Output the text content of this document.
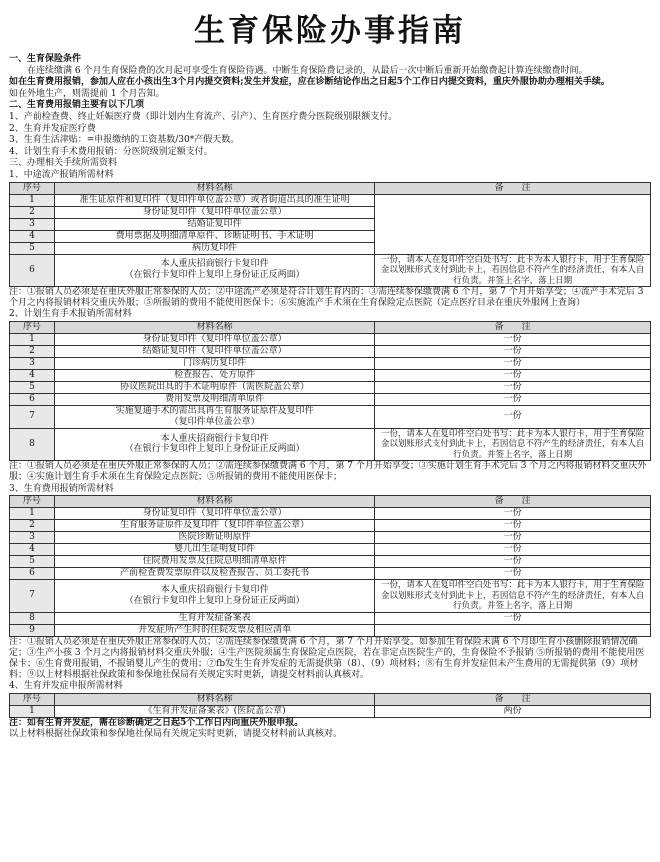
生育保险办事指南

一、生育保险条件

在连续缴满 6 个月生育保险费的次月起可享受生育保险待遇。中断生育保险费记录的，从最后一次中断后重新开始缴费起计算连续缴费时间。

如在生育费用报销，参加人应在小孩出生3个月内提交资料;发生并发症，应在诊断结论作出之日起5个工作日内提交资料，重庆外服协助办理相关手续。

如在外地生产，则需提前 1 个月告知。

二、生育费用报销主要有以下几项

1、产前检查费、终止妊娠医疗费（即计划内生育流产、引产）、生育医疗费分医院级别限额支付。

2、生育并发症医疗费

3、生育生活津贴：=申报缴纳的工资基数/30*产假天数。

4、计划生育手术费用报销：分医院级别定额支付。

三、办理相关手续所需资料

1、中途流产报销所需材料

序号	材料名称	备　　注
1	准生证原件和复印件（复印件单位盖公章）或者街道出具的准生证明	
2	身份证复印件（复印件单位盖公章）	
3	结婚证复印件	
4	费用票据及明细清单原件、诊断证明书、手术证明	
5	病历复印件	
6	本人重庆招商银行卡复印件
（在银行卡复印件上复印上身份证正反两面）	一份，请本人在复印件空白处书写：此卡为本人银行卡，用于生育保险金以划账形式支付到此卡上，若因信息不符产生的经济责任，有本人自行负责。并签上名字，落上日期

注：①报销人员必须是在重庆外服正常参保的人员；②中途流产必须是符合计划生育内的；③需连续参保缴费满 6 个月，第 7 个月开始享受；④流产手术完后 3 个月之内将报销材料交重庆外服；⑤所报销的费用不能使用医保卡；⑥实施流产手术须在生育保险定点医院（定点医疗目录在重庆外服网上查询）

2、计划生育手术报销所需材料

序号	材料名称	备　　注
1	身份证复印件（复印件单位盖公章）	一份
2	结婚证复印件（复印件单位盖公章）	一份
3	门诊病历复印件	一份
4	检查报告、处方原件	一份
5	协议医院出具的手术证明原件（需医院盖公章）	一份
6	费用发票及明细清单原件	一份
7	实施复通手术的需出具再生育服务证原件及复印件
（复印件单位盖公章）	一份
8	本人重庆招商银行卡复印件
（在银行卡复印件上复印上身份证正反两面）	一份，请本人在复印件空白处书写：此卡为本人银行卡，用于生育保险金以划账形式支付到此卡上，若因信息不符产生的经济责任，有本人自行负责。并签上名字，落上日期

注：①报销人员必须是在重庆外服正常参保的人员；②需连续参保缴费满 6 个月，第 7 个月开始享受；③实施计划生育手术完后 3 个月之内将报销材料交重庆外服；④实施计划生育手术须在生育保险定点医院；⑤所报销的费用不能使用医保卡；

3、生育费用报销所需材料

序号	材料名称	备　　注
1	身份证复印件（复印件单位盖公章）	一份
2	生育服务证原件及复印件（复印件单位盖公章）	一份
3	医院诊断证明原件	一份
4	婴儿出生证明复印件	一份
5	住院费用发票及住院总明细清单原件	一份
6	产前检查费发票原件以及检查报告、员工委托书	一份
7	本人重庆招商银行卡复印件
（在银行卡复印件上复印上身份证正反两面）	一份，请本人在复印件空白处书写：此卡为本人银行卡，用于生育保险金以划账形式支付到此卡上，若因信息不符产生的经济责任，有本人自行负责。并签上名字，落上日期
8	生育并发症备案表	一份
9	并发症所产生时的住院发票及相应清单	

注：①报销人员必须是在重庆外服正常参保的人员；②需连续参保缴费满 6 个月，第 7 个月开始享受。如参加生育保险未满 6 个月即生育小孩删除报销情况确定；③生产小孩 3 个月之内将报销材料交重庆外服；④生产医院须属生育保险定点医院，若在非定点医院生产的，生育保险不予报销 ⑤所报销的费用不能使用医保卡；⑥生育费用报销，不报销婴儿产生的费用；⑦fb发生生育并发症的无需提供第（8）、（9）项材料；⑧有生育并发症但未产生费用的无需提供第（9）项材料；⑨以上材料根据社保政策和参保地社保局有关规定实时更新，请提交材料前认真核对。

4、生育并发症申报所需材料

序号	材料名称	备　　注
1	《生育并发症备案表》(医院盖公章)	两份

注：如有生育并发症，需在诊断确定之日起5个工作日内向重庆外服申报。

以上材料根据社保政策和参保地社保局有关规定实时更新，请提交材料前认真核对。
